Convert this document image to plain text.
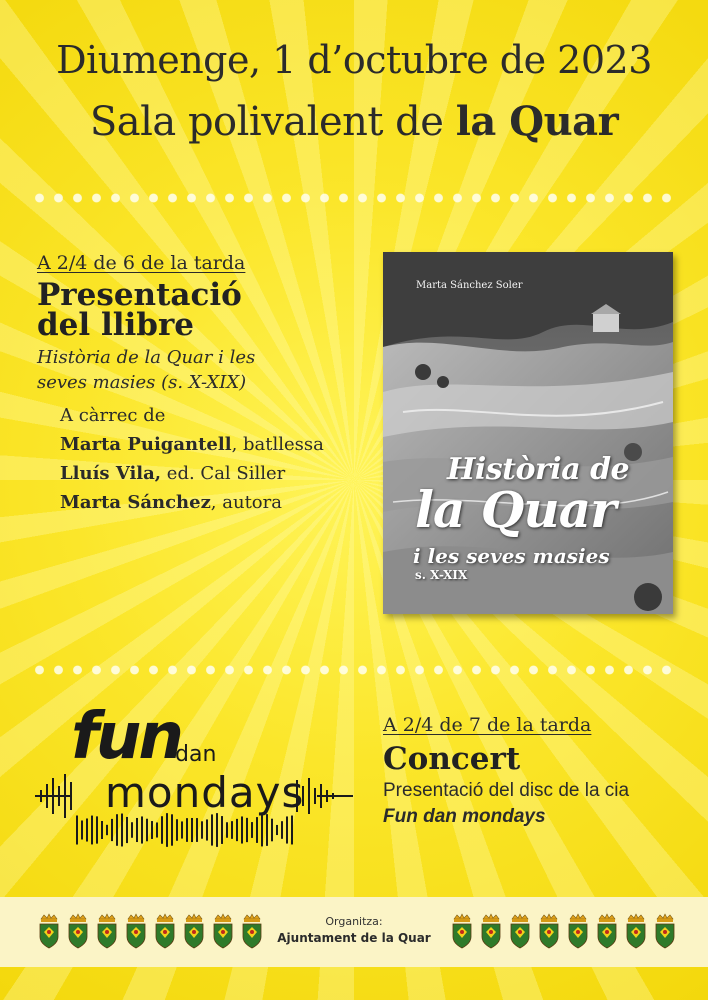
Diumenge, 1 d’octubre de 2023
Sala polivalent de la Quar
A 2/4 de 6 de la tarda
Presentació
del llibre
Història de la Quar i les
seves masies (s. X-XIX)
A càrrec de
Marta Puigantell, batllessa
Lluís Vila, ed. Cal Siller
Marta Sánchez, autora
Marta Sánchez Soler
Història de
la Quar
i les seves masies
s. X-XIX
fun
dan
mondays
A 2/4 de 7 de la tarda
Concert
Presentació del disc de la cia
Fun dan mondays
Organitza:
Ajuntament de la Quar
